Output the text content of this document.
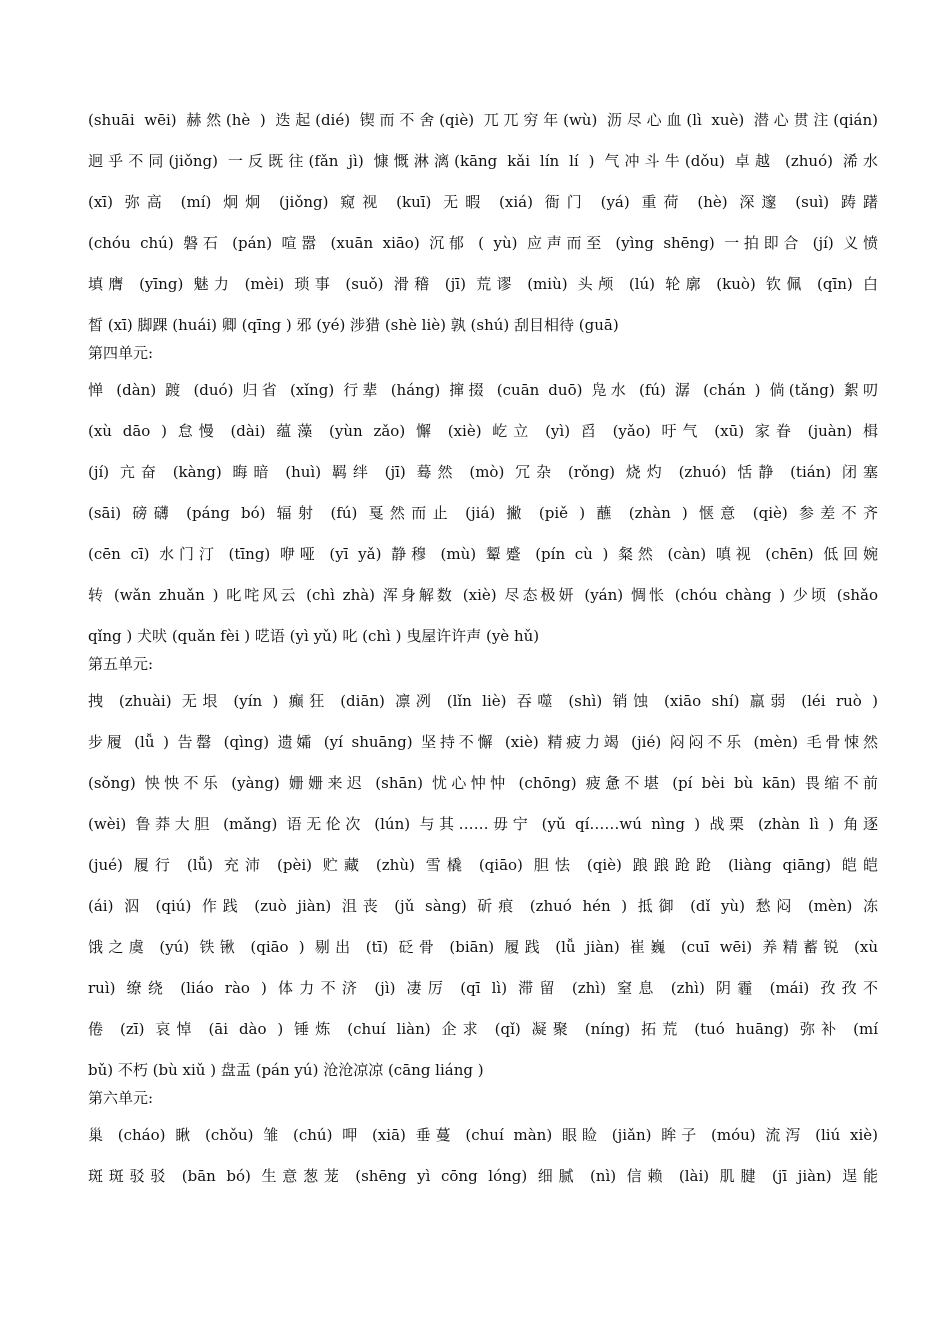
(shuāi wēi) 赫然(hè ) 迭起(dié) 锲而不舍(qiè) 兀兀穷年(wù) 沥尽心血(lì xuè) 潜心贯注(qián)
迥乎不同(jiǒng) 一反既往(fǎn jì) 慷慨淋漓(kāng kǎi lín lí ) 气冲斗牛(dǒu) 卓越 (zhuó) 浠水
(xī) 弥高 (mí) 炯炯 (jiǒng) 窥视 (kuī) 无暇 (xiá) 衙门 (yá) 重荷 (hè) 深邃 (suì) 踌躇
(chóu chú) 磐石 (pán) 喧嚣 (xuān xiāo) 沉郁 ( yù) 应声而至 (yìng shēng) 一拍即合 (jí) 义愤
填膺 (yīng) 魅力 (mèi) 琐事 (suǒ) 滑稽 (jī) 荒谬 (miù) 头颅 (lú) 轮廓 (kuò) 钦佩 (qīn) 白
皙 (xī) 脚踝 (huái) 卿 (qīng ) 邪 (yé) 涉猎 (shè liè) 孰 (shú) 刮目相待 (guā)
第四单元:
惮 (dàn) 踱 (duó) 归省 (xǐng) 行辈 (háng) 撺掇 (cuān duō) 凫水 (fú) 潺 (chán ) 倘(tǎng) 絮叨
(xù dāo ) 怠慢 (dài) 蕴藻 (yùn zǎo) 懈 (xiè) 屹立 (yì) 舀 (yǎo) 吁气 (xū) 家眷 (juàn) 楫
(jí) 亢奋 (kàng) 晦暗 (huì) 羁绊 (jī) 蓦然 (mò) 冗杂 (rǒng) 烧灼 (zhuó) 恬静 (tián) 闭塞
(sāi) 磅礴 (páng bó) 辐射 (fú) 戛然而止 (jiá) 撇 (piě ) 蘸 (zhàn ) 惬意 (qiè) 参差不齐
(cēn cī) 水门汀 (tīng) 咿哑 (yī yǎ) 静穆 (mù) 颦蹙 (pín cù ) 粲然 (càn) 嗔视 (chēn) 低回婉
转 (wǎn zhuǎn ) 叱咤风云 (chì zhà) 浑身解数 (xiè) 尽态极妍 (yán) 惆怅 (chóu chàng ) 少顷 (shǎo
qǐng ) 犬吠 (quǎn fèi ) 呓语 (yì yǔ) 叱 (chì ) 曳屋许许声 (yè hǔ)
第五单元:
拽 (zhuài) 无垠 (yín ) 癫狂 (diān) 凛冽 (lǐn liè) 吞噬 (shì) 销蚀 (xiāo shí) 羸弱 (léi ruò )
步履 (lǚ ) 告罄 (qìng) 遗孀 (yí shuāng) 坚持不懈 (xiè) 精疲力竭 (jié) 闷闷不乐 (mèn) 毛骨悚然
(sǒng) 怏怏不乐 (yàng) 姗姗来迟 (shān) 忧心忡忡 (chōng) 疲惫不堪 (pí bèi bù kān) 畏缩不前
(wèi) 鲁莽大胆 (mǎng) 语无伦次 (lún) 与其……毋宁 (yǔ qí……wú nìng ) 战栗 (zhàn lì ) 角逐
(jué) 履行 (lǚ) 充沛 (pèi) 贮藏 (zhù) 雪橇 (qiāo) 胆怯 (qiè) 踉踉跄跄 (liàng qiāng) 皑皑
(ái) 泅 (qiú) 作践 (zuò jiàn) 沮丧 (jǔ sàng) 斫痕 (zhuó hén ) 抵御 (dǐ yù) 愁闷 (mèn) 冻
饿之虞 (yú) 铁锹 (qiāo ) 剔出 (tī) 砭骨 (biān) 履践 (lǚ jiàn) 崔巍 (cuī wēi) 养精蓄锐 (xù
ruì) 缭绕 (liáo rào ) 体力不济 (jì) 凄厉 (qī lì) 滞留 (zhì) 窒息 (zhì) 阴霾 (mái) 孜孜不
倦 (zī) 哀悼 (āi dào ) 锤炼 (chuí liàn) 企求 (qǐ) 凝聚 (níng) 拓荒 (tuó huāng) 弥补 (mí
bǔ) 不朽 (bù xiǔ ) 盘盂 (pán yú) 沧沧凉凉 (cāng liáng )
第六单元:
巢 (cháo) 瞅 (chǒu) 雏 (chú) 呷 (xiā) 垂蔓 (chuí màn) 眼睑 (jiǎn) 眸子 (móu) 流泻 (liú xiè)
斑斑驳驳 (bān bó) 生意葱茏 (shēng yì cōng lóng) 细腻 (nì) 信赖 (lài) 肌腱 (jī jiàn) 逞能
